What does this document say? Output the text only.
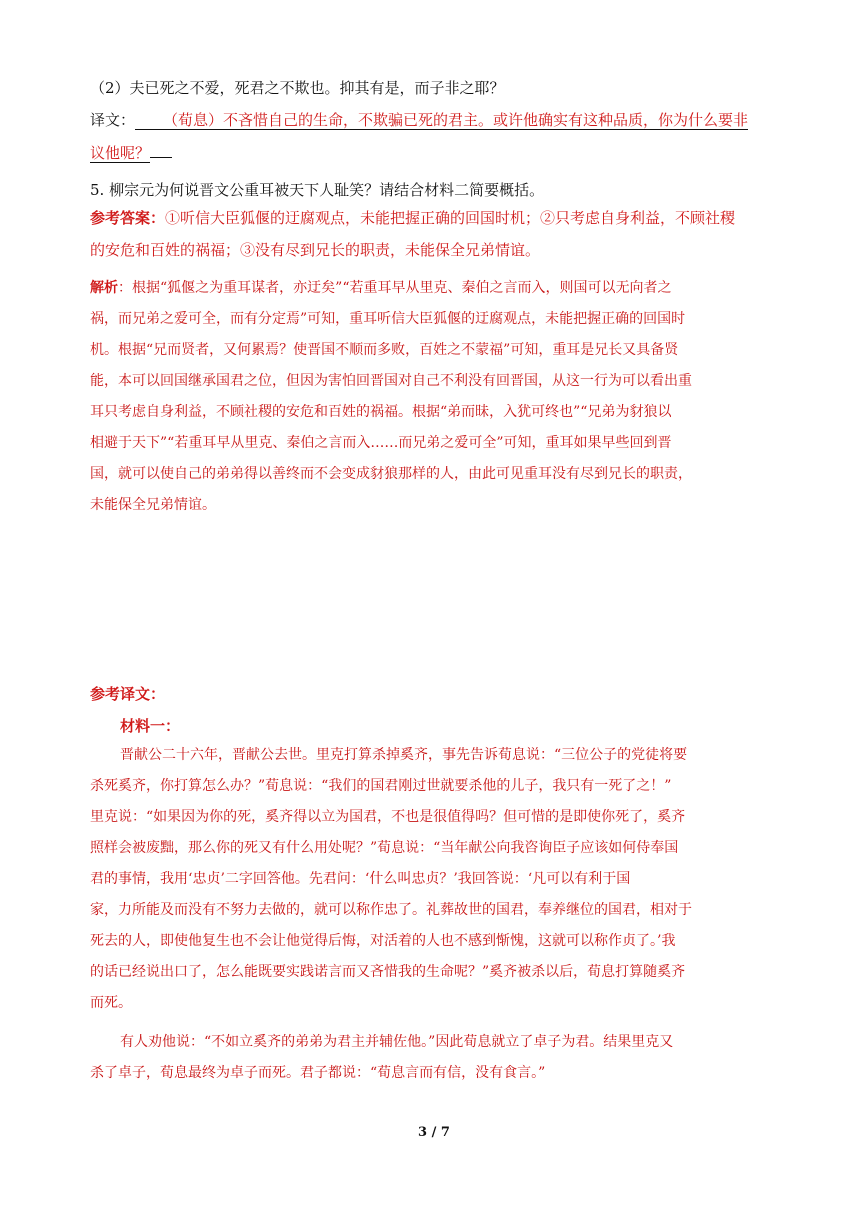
（2）夫已死之不爱，死君之不欺也。抑其有是，而子非之耶？
译文： （荀息）不吝惜自己的生命，不欺骗已死的君主。或许他确实有这种品质，你为什么要非
议他呢？
5. 柳宗元为何说晋文公重耳被天下人耻笑？请结合材料二简要概括。
参考答案：①听信大臣狐偃的迂腐观点，未能把握正确的回国时机；②只考虑自身利益，不顾社稷
的安危和百姓的祸福；③没有尽到兄长的职责，未能保全兄弟情谊。

解析：根据“狐偃之为重耳谋者，亦迂矣”“若重耳早从里克、秦伯之言而入，则国可以无向者之

祸，而兄弟之爱可全，而有分定焉”可知，重耳听信大臣狐偃的迂腐观点，未能把握正确的回国时

机。根据“兄而贤者，又何累焉？使晋国不顺而多败，百姓之不蒙福”可知，重耳是兄长又具备贤

能，本可以回国继承国君之位，但因为害怕回晋国对自己不利没有回晋国，从这一行为可以看出重

耳只考虑自身利益，不顾社稷的安危和百姓的祸福。根据“弟而昧，入犹可终也”“兄弟为豺狼以

相避于天下”“若重耳早从里克、秦伯之言而入……而兄弟之爱可全”可知，重耳如果早些回到晋

国，就可以使自己的弟弟得以善终而不会变成豺狼那样的人，由此可见重耳没有尽到兄长的职责，

未能保全兄弟情谊。

参考译文：
材料一：

晋献公二十六年，晋献公去世。里克打算杀掉奚齐，事先告诉荀息说：“三位公子的党徒将要

杀死奚齐，你打算怎么办？”荀息说：“我们的国君刚过世就要杀他的儿子，我只有一死了之！”

里克说：“如果因为你的死，奚齐得以立为国君，不也是很值得吗？但可惜的是即使你死了，奚齐

照样会被废黜，那么你的死又有什么用处呢？”荀息说：“当年献公向我咨询臣子应该如何侍奉国

君的事情，我用‘忠贞’二字回答他。先君问：‘什么叫忠贞？’我回答说：‘凡可以有利于国

家，力所能及而没有不努力去做的，就可以称作忠了。礼葬故世的国君，奉养继位的国君，相对于

死去的人，即使他复生也不会让他觉得后悔，对活着的人也不感到惭愧，这就可以称作贞了。’我

的话已经说出口了，怎么能既要实践诺言而又吝惜我的生命呢？”奚齐被杀以后，荀息打算随奚齐

而死。

有人劝他说：“不如立奚齐的弟弟为君主并辅佐他。”因此荀息就立了卓子为君。结果里克又

杀了卓子，荀息最终为卓子而死。君子都说：“荀息言而有信，没有食言。”

3 / 7
